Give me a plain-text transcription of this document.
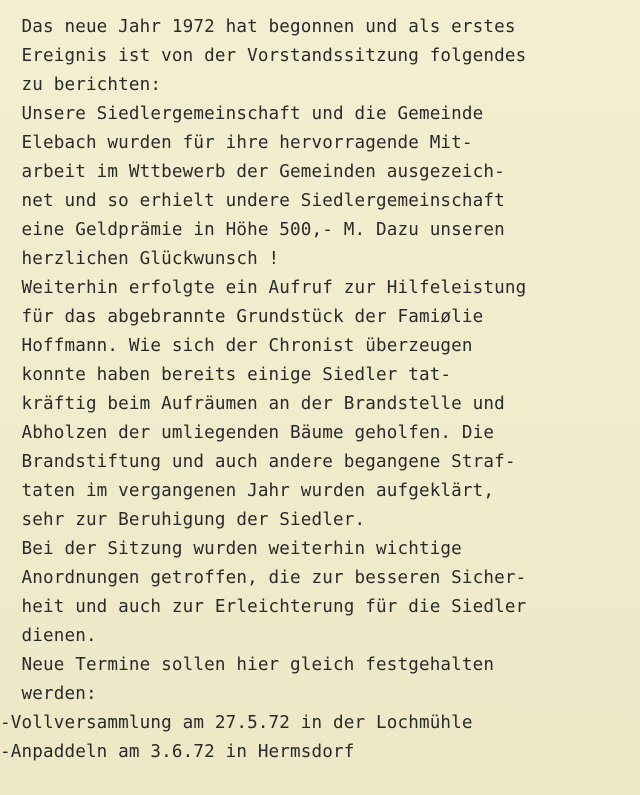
Das neue Jahr 1972 hat begonnen und als erstes
Ereignis ist von der Vorstandssitzung folgendes
zu berichten:
Unsere Siedlergemeinschaft und die Gemeinde
Elebach wurden für ihre hervorragende Mit-
arbeit im Wttbewerb der Gemeinden ausgezeich-
net und so erhielt undere Siedlergemeinschaft
eine Geldprämie in Höhe 500,- M. Dazu unseren
herzlichen Glückwunsch !
Weiterhin erfolgte ein Aufruf zur Hilfeleistung
für das abgebrannte Grundstück der Famiølie
Hoffmann. Wie sich der Chronist überzeugen
konnte haben bereits einige Siedler tat-
kräftig beim Aufräumen an der Brandstelle und
Abholzen der umliegenden Bäume geholfen. Die
Brandstiftung und auch andere begangene Straf-
taten im vergangenen Jahr wurden aufgeklärt,
sehr zur Beruhigung der Siedler.
Bei der Sitzung wurden weiterhin wichtige
Anordnungen getroffen, die zur besseren Sicher-
heit und auch zur Erleichterung für die Siedler
dienen.
Neue Termine sollen hier gleich festgehalten
werden:
-Vollversammlung am 27.5.72 in der Lochmühle
-Anpaddeln am 3.6.72 in Hermsdorf
